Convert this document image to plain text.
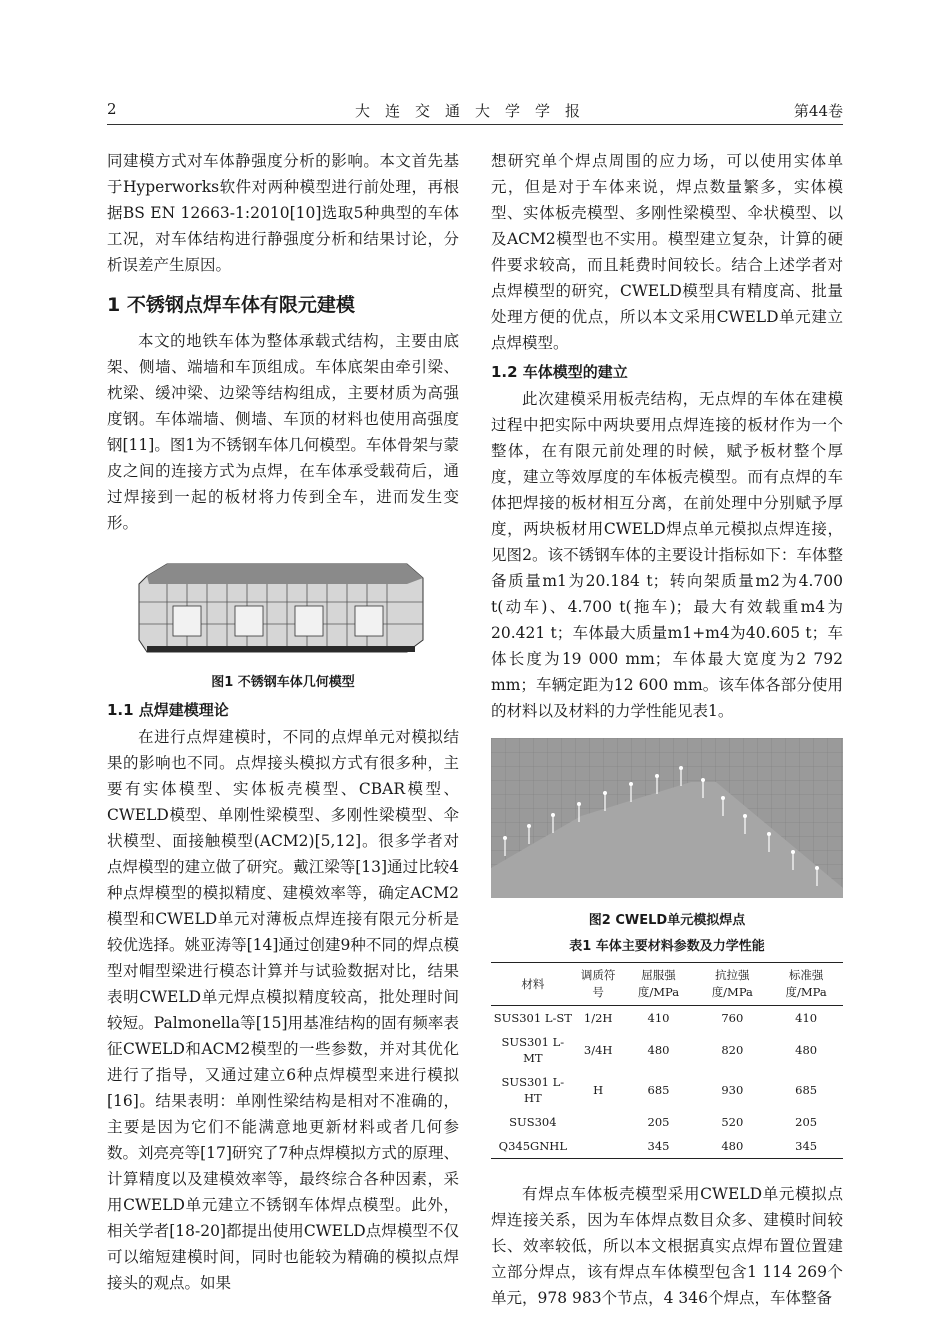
2	大连交通大学学报	第44卷

同建模方式对车体静强度分析的影响。本文首先基于Hyperworks软件对两种模型进行前处理，再根据BS EN 12663-1:2010[10]选取5种典型的车体工况，对车体结构进行静强度分析和结果讨论，分析误差产生原因。

1 不锈钢点焊车体有限元建模

本文的地铁车体为整体承载式结构，主要由底架、侧墙、端墙和车顶组成。车体底架由牵引梁、枕梁、缓冲梁、边梁等结构组成，主要材质为高强度钢。车体端墙、侧墙、车顶的材料也使用高强度钢[11]。图1为不锈钢车体几何模型。车体骨架与蒙皮之间的连接方式为点焊，在车体承受载荷后，通过焊接到一起的板材将力传到全车，进而发生变形。

图1 不锈钢车体几何模型
1.1 点焊建模理论

在进行点焊建模时，不同的点焊单元对模拟结果的影响也不同。点焊接头模拟方式有很多种，主要有实体模型、实体板壳模型、CBAR模型、CWELD模型、单刚性梁模型、多刚性梁模型、伞状模型、面接触模型(ACM2)[5,12]。很多学者对点焊模型的建立做了研究。戴江梁等[13]通过比较4种点焊模型的模拟精度、建模效率等，确定ACM2模型和CWELD单元对薄板点焊连接有限元分析是较优选择。姚亚涛等[14]通过创建9种不同的焊点模型对帽型梁进行模态计算并与试验数据对比，结果表明CWELD单元焊点模拟精度较高，批处理时间较短。Palmonella等[15]用基准结构的固有频率表征CWELD和ACM2模型的一些参数，并对其优化进行了指导，又通过建立6种点焊模型来进行模拟[16]。结果表明：单刚性梁结构是相对不准确的，主要是因为它们不能满意地更新材料或者几何参数。刘亮亮等[17]研究了7种点焊模拟方式的原理、计算精度以及建模效率等，最终综合各种因素，采用CWELD单元建立不锈钢车体焊点模型。此外，相关学者[18-20]都提出使用CWELD点焊模型不仅可以缩短建模时间，同时也能较为精确的模拟点焊接头的观点。如果

想研究单个焊点周围的应力场，可以使用实体单元，但是对于车体来说，焊点数量繁多，实体模型、实体板壳模型、多刚性梁模型、伞状模型、以及ACM2模型也不实用。模型建立复杂，计算的硬件要求较高，而且耗费时间较长。结合上述学者对点焊模型的研究，CWELD模型具有精度高、批量处理方便的优点，所以本文采用CWELD单元建立点焊模型。

1.2 车体模型的建立

此次建模采用板壳结构，无点焊的车体在建模过程中把实际中两块要用点焊连接的板材作为一个整体，在有限元前处理的时候，赋予板材整个厚度，建立等效厚度的车体板壳模型。而有点焊的车体把焊接的板材相互分离，在前处理中分别赋予厚度，两块板材用CWELD焊点单元模拟点焊连接，见图2。该不锈钢车体的主要设计指标如下：车体整备质量m1为20.184 t；转向架质量m2为4.700 t(动车)、4.700 t(拖车)；最大有效载重m4为20.421 t；车体最大质量m1+m4为40.605 t；车体长度为19 000 mm；车体最大宽度为2 792 mm；车辆定距为12 600 mm。该车体各部分使用的材料以及材料的力学性能见表1。

图2 CWELD单元模拟焊点
表1 车体主要材料参数及力学性能
材料	调质符号	屈服强度/MPa	抗拉强度/MPa	标准强度/MPa
SUS301 L-ST	1/2H	410	760	410
SUS301 L-MT	3/4H	480	820	480
SUS301 L-HT	H	685	930	685
SUS304		205	520	205
Q345GNHL		345	480	345

有焊点车体板壳模型采用CWELD单元模拟点焊连接关系，因为车体焊点数目众多、建模时间较长、效率较低，所以本文根据真实点焊布置位置建立部分焊点，该有焊点车体模型包含1 114 269个单元，978 983个节点，4 346个焊点，车体整备
